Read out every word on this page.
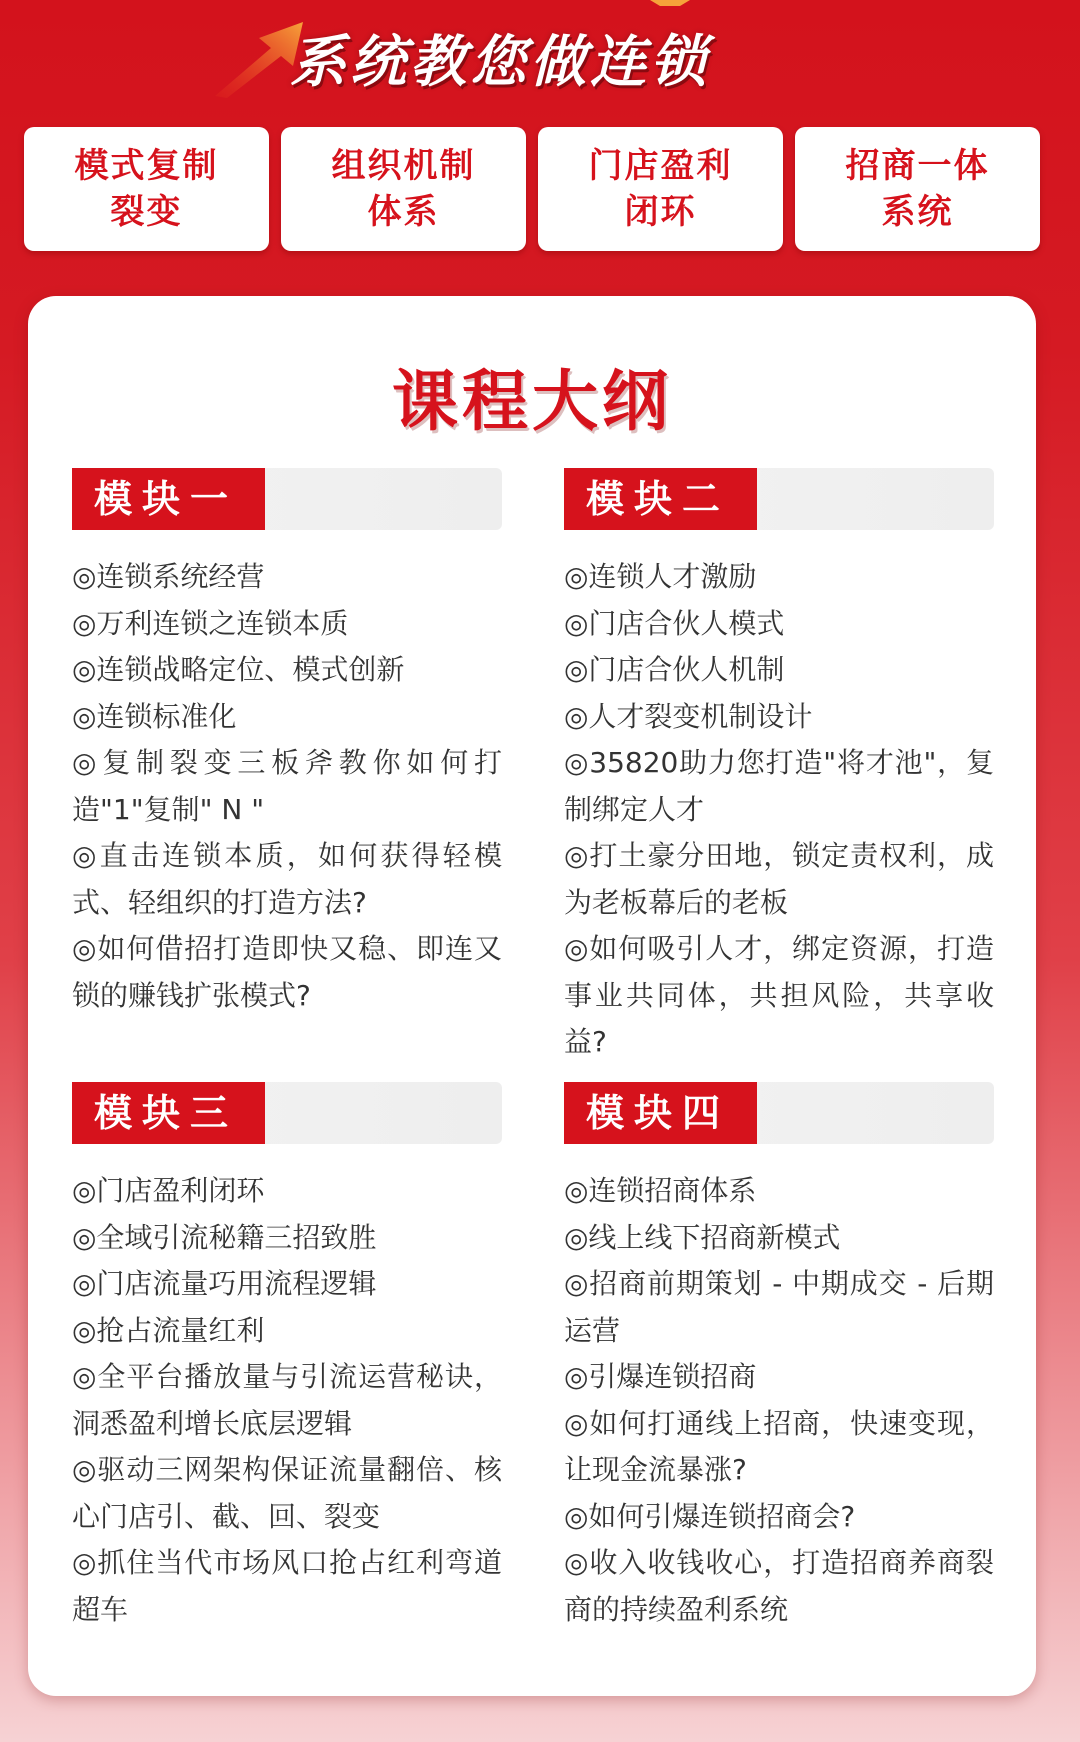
系统教您做连锁
模式复制
裂变
组织机制
体系
门店盈利
闭环
招商一体
系统
课程大纲
模块一
◎连锁系统经营
◎万利连锁之连锁本质
◎连锁战略定位、模式创新
◎连锁标准化
◎复制裂变三板斧教你如何打造"1"复制" N "
◎直击连锁本质，如何获得轻模式、轻组织的打造方法?
◎如何借招打造即快又稳、即连又锁的赚钱扩张模式?
模块二
◎连锁人才激励
◎门店合伙人模式
◎门店合伙人机制
◎人才裂变机制设计
◎35820助力您打造"将才池"，复制绑定人才
◎打土豪分田地，锁定责权利，成为老板幕后的老板
◎如何吸引人才，绑定资源，打造事业共同体，共担风险，共享收益?
模块三
◎门店盈利闭环
◎全域引流秘籍三招致胜
◎门店流量巧用流程逻辑
◎抢占流量红利
◎全平台播放量与引流运营秘诀，洞悉盈利增长底层逻辑
◎驱动三网架构保证流量翻倍、核心门店引、截、回、裂变
◎抓住当代市场风口抢占红利弯道超车
模块四
◎连锁招商体系
◎线上线下招商新模式
◎招商前期策划 - 中期成交 - 后期运营
◎引爆连锁招商
◎如何打通线上招商，快速变现，让现金流暴涨?
◎如何引爆连锁招商会?
◎收入收钱收心，打造招商养商裂商的持续盈利系统
